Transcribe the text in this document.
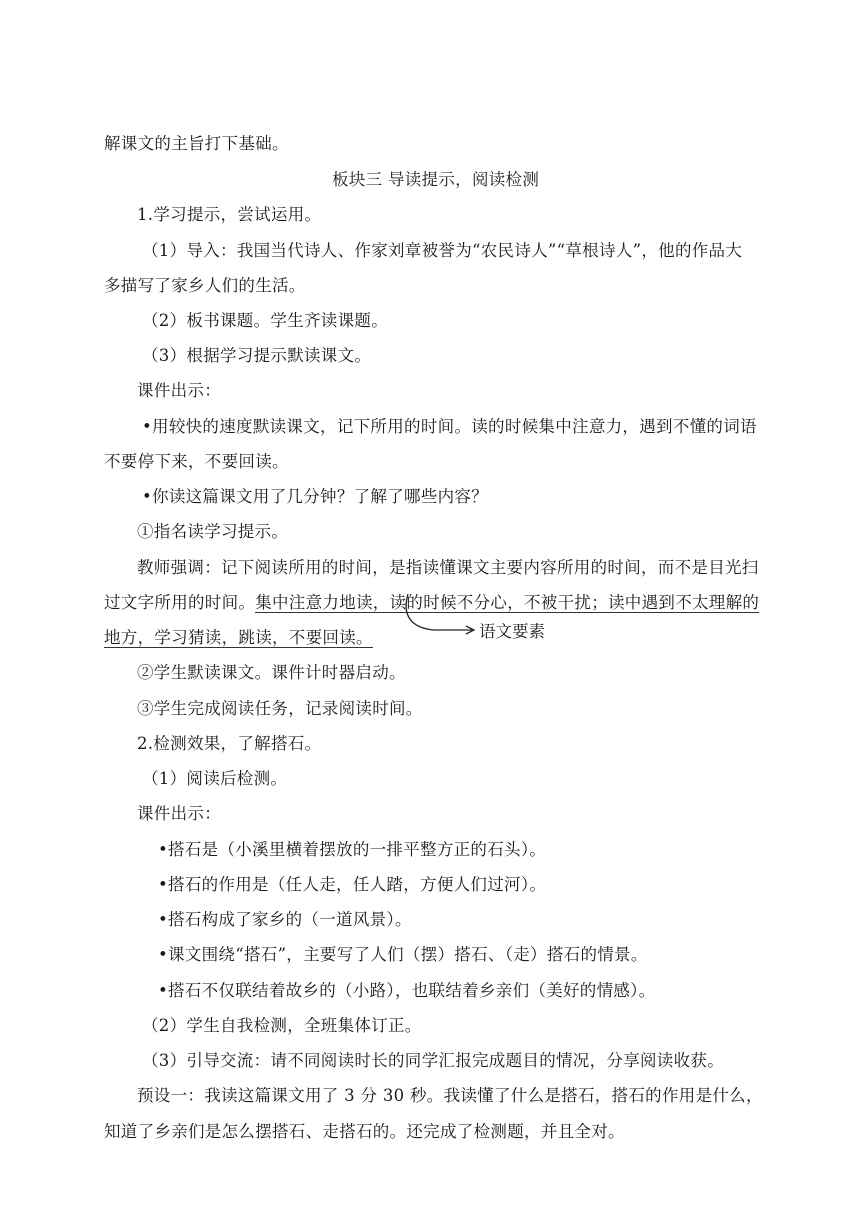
解课文的主旨打下基础。
板块三 导读提示，阅读检测
1.学习提示，尝试运用。
（1）导入：我国当代诗人、作家刘章被誉为“农民诗人”“草根诗人”，他的作品大
多描写了家乡人们的生活。
（2）板书课题。学生齐读课题。
（3）根据学习提示默读课文。
课件出示：
•用较快的速度默读课文，记下所用的时间。读的时候集中注意力，遇到不懂的词语
不要停下来，不要回读。
•你读这篇课文用了几分钟？了解了哪些内容？
①指名读学习提示。
教师强调：记下阅读所用的时间，是指读懂课文主要内容所用的时间，而不是目光扫
过文字所用的时间。集中注意力地读，读的时候不分心，不被干扰；读中遇到不太理解的
地方，学习猜读，跳读，不要回读。	语文要素
②学生默读课文。课件计时器启动。
③学生完成阅读任务，记录阅读时间。
2.检测效果，了解搭石。
（1）阅读后检测。
课件出示：
•搭石是（小溪里横着摆放的一排平整方正的石头）。
•搭石的作用是（任人走，任人踏，方便人们过河）。
•搭石构成了家乡的（一道风景）。
•课文围绕“搭石”，主要写了人们（摆）搭石、（走）搭石的情景。
•搭石不仅联结着故乡的（小路），也联结着乡亲们（美好的情感）。
（2）学生自我检测，全班集体订正。
（3）引导交流：请不同阅读时长的同学汇报完成题目的情况，分享阅读收获。
预设一：我读这篇课文用了 3 分 30 秒。我读懂了什么是搭石，搭石的作用是什么，
知道了乡亲们是怎么摆搭石、走搭石的。还完成了检测题，并且全对。
